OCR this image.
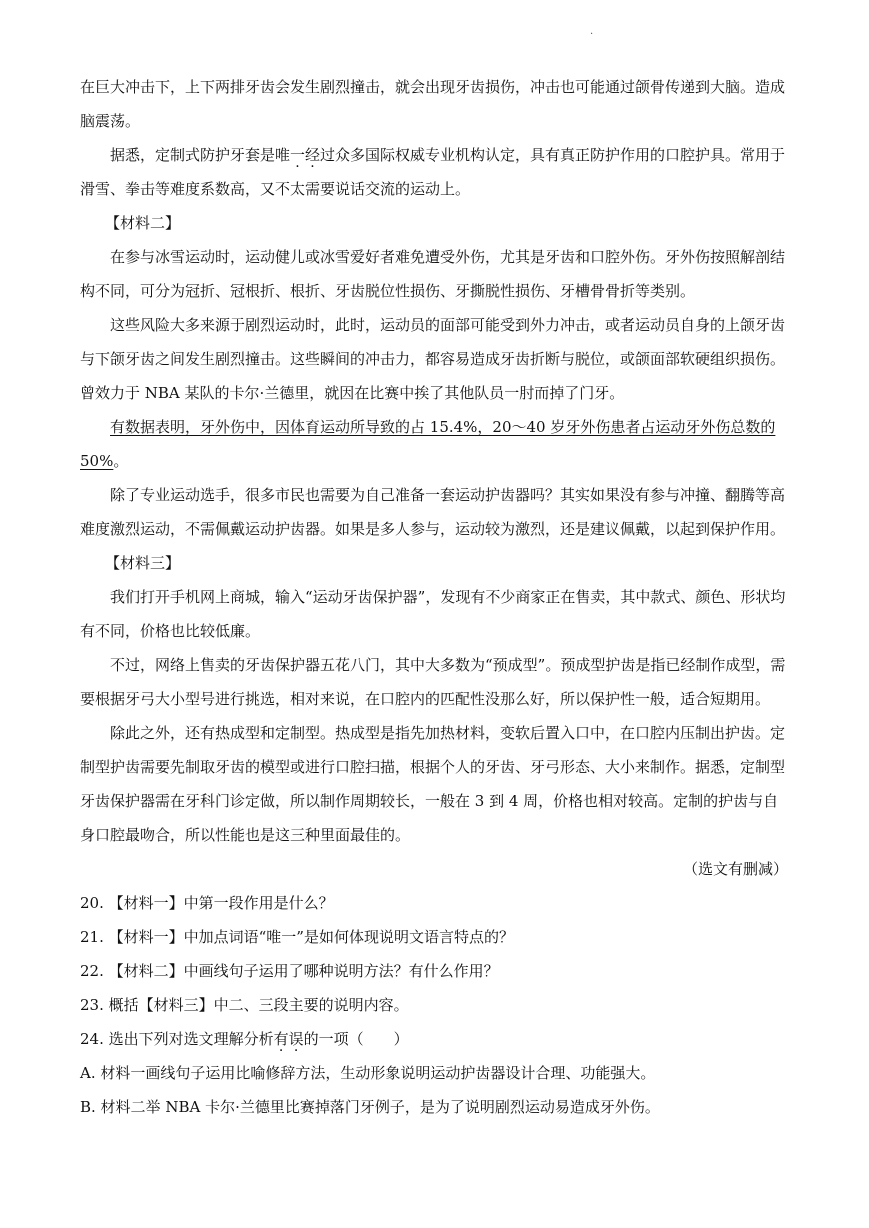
.

在巨大冲击下，上下两排牙齿会发生剧烈撞击，就会出现牙齿损伤，冲击也可能通过颌骨传递到大脑。造成脑震荡。

据悉，定制式防护牙套是唯一经过众多国际权威专业机构认定，具有真正防护作用的口腔护具。常用于滑雪、拳击等难度系数高，又不太需要说话交流的运动上。

【材料二】

在参与冰雪运动时，运动健儿或冰雪爱好者难免遭受外伤，尤其是牙齿和口腔外伤。牙外伤按照解剖结构不同，可分为冠折、冠根折、根折、牙齿脱位性损伤、牙撕脱性损伤、牙槽骨骨折等类别。

这些风险大多来源于剧烈运动时，此时，运动员的面部可能受到外力冲击，或者运动员自身的上颌牙齿与下颌牙齿之间发生剧烈撞击。这些瞬间的冲击力，都容易造成牙齿折断与脱位，或颌面部软硬组织损伤。曾效力于 NBA 某队的卡尔·兰德里，就因在比赛中挨了其他队员一肘而掉了门牙。

有数据表明，牙外伤中，因体育运动所导致的占 15.4%，20～40 岁牙外伤患者占运动牙外伤总数的 50%。

除了专业运动选手，很多市民也需要为自己准备一套运动护齿器吗？其实如果没有参与冲撞、翻腾等高难度激烈运动，不需佩戴运动护齿器。如果是多人参与，运动较为激烈，还是建议佩戴，以起到保护作用。

【材料三】

我们打开手机网上商城，输入“运动牙齿保护器”，发现有不少商家正在售卖，其中款式、颜色、形状均有不同，价格也比较低廉。

不过，网络上售卖的牙齿保护器五花八门，其中大多数为“预成型”。预成型护齿是指已经制作成型，需要根据牙弓大小型号进行挑选，相对来说，在口腔内的匹配性没那么好，所以保护性一般，适合短期用。

除此之外，还有热成型和定制型。热成型是指先加热材料，变软后置入口中，在口腔内压制出护齿。定制型护齿需要先制取牙齿的模型或进行口腔扫描，根据个人的牙齿、牙弓形态、大小来制作。据悉，定制型牙齿保护器需在牙科门诊定做，所以制作周期较长，一般在 3 到 4 周，价格也相对较高。定制的护齿与自身口腔最吻合，所以性能也是这三种里面最佳的。

（选文有删减）

20. 【材料一】中第一段作用是什么？

21. 【材料一】中加点词语“唯一”是如何体现说明文语言特点的？

22. 【材料二】中画线句子运用了哪种说明方法？有什么作用？

23. 概括【材料三】中二、三段主要的说明内容。

24. 选出下列对选文理解分析有误的一项（　　）

A. 材料一画线句子运用比喻修辞方法，生动形象说明运动护齿器设计合理、功能强大。

B. 材料二举 NBA 卡尔·兰德里比赛掉落门牙例子，是为了说明剧烈运动易造成牙外伤。
